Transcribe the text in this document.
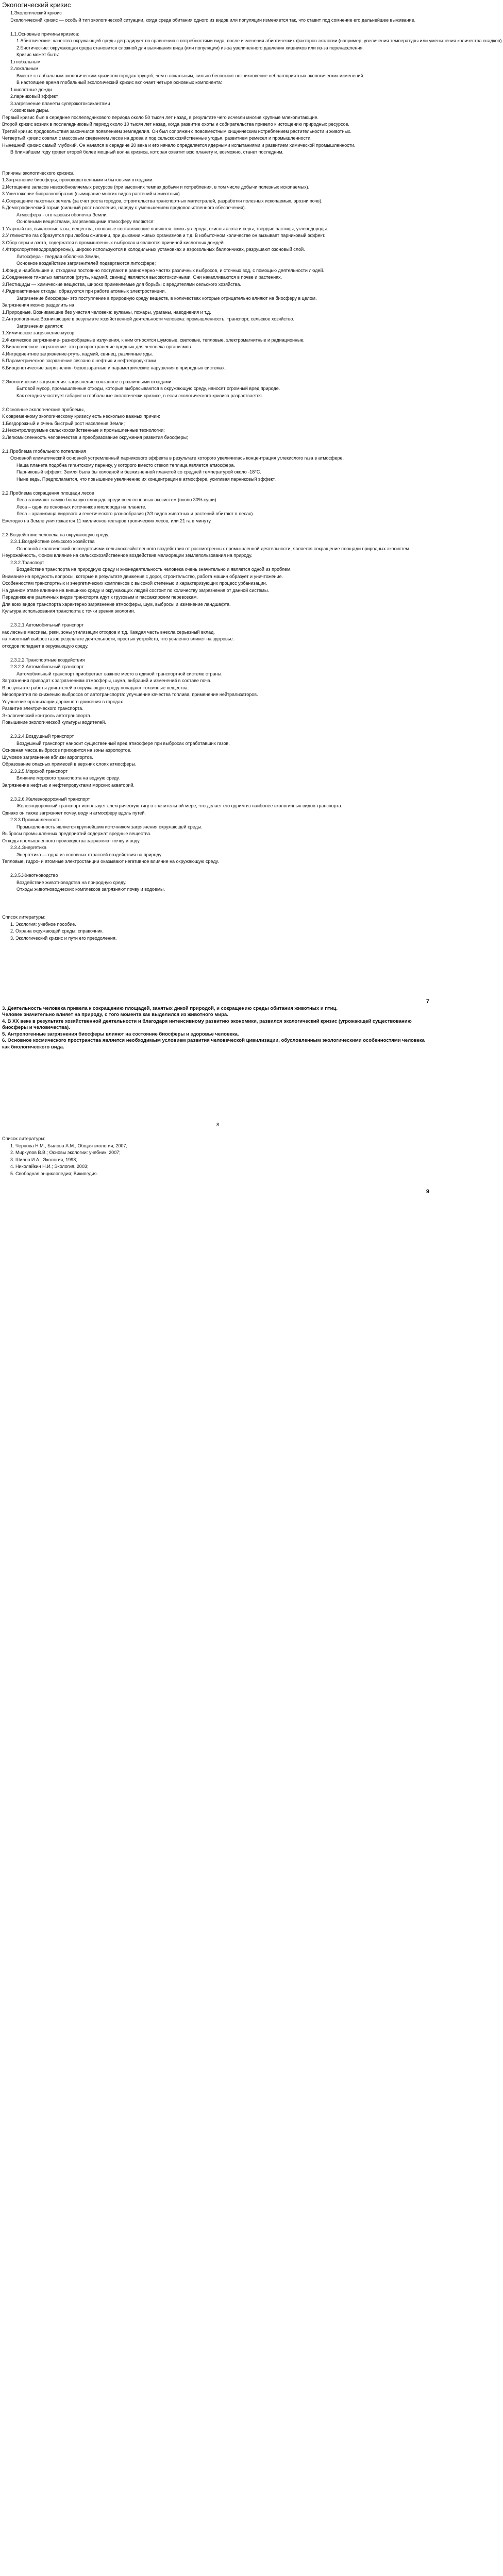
Экологический кризис

1.Экологический кризис

Экологический кризис — особый тип экологической ситуации, когда среда обитания одного из видов или популяции изменяется так, что ставит под сомнение его дальнейшее выживание.

1.1.Основные причины кризиса:

1.Абиотические: качество окружающей среды деградирует по сравнению с потребностями вида, после изменения абиотических факторов экологии (например, увеличения температуры или уменьшения количества осадков).

2.Биотические: окружающая среда становится сложной для выживания вида (или популяции) из-за увеличенного давления хищников или из-за перенаселения.

Кризис может быть:

1.глобальным

2.локальным

Вместе с глобальным экологическим кризисом городах трущоб, чем с локальным, сильно беспокоит возникновение неблагоприятных экологических изменений.

В настоящее время глобальный экологический кризис включает четыре основных компонента:

1.кислотные дожди

2.парниковый эффект

3.загрязнение планеты суперэкотоксикантами

4.озоновые дыры.

Первый кризис был в середине послеледникового периода около 50 тысяч лет назад, в результате чего исчезли многие крупные млекопитающие.

Второй кризис возник в послеледниковый период около 10 тысяч лет назад, когда развитие охоты и собирательства привело к истощению природных ресурсов.

Третий кризис продовольствия закончился появлением земледелия. Он был сопряжен с повсеместным хищническим истреблением растительности и животных.

Четвертый кризис совпал с массовым сведением лесов на дрова и под сельскохозяйственные угодья, развитием ремесел и промышленности.

Нынешний кризис самый глубокий. Он начался в середине 20 века и его начало определяется ядерными испытаниями и развитием химической промышленности.

В ближайшем году грядет второй более мощный волна кризиса, которая охватит всю планету и, возможно, станет последним.

Причины экологического кризиса

1.Загрязнение биосферы, производственными и бытовыми отходами.

2.Истощение запасов невозобновляемых ресурсов (при высокиих темпах добычи и потребления, в том числе добычи полезных ископаемых).

3.Уничтожение биоразнообразия (вымирание многих видов растений и животных).

4.Сокращение пахотных земель (за счет роста городов, строительства транспортных магистралей, разработки полезных ископаемых, эрозии почв).

5.Демографический взрыв (сильный рост населения, наряду с уменьшением продовольственного обеспечения).

Атмосфера - это газовая оболочка Земли,

Основными веществами, загрязняющими атмосферу являются:

1.Угарный газ, выхлопные газы, вещества, основные составляющие являются: окись углерода, окислы азота и серы, твердые частицы, углеводороды.

2.У гликиство газ образуется при любом сжигании, при дыхании живых организмов и т.д. В избыточном количестве он вызывает парниковый эффект.

3.Сбор серы и азота, содержатся в промышленных выбросах и являются причиной кислотных дождей.

4.Фторхлоруглеводородфреоны), широко используются в холодильных установках и аэрозольных баллончиках, разрушают озоновый слой.

Литосфера - твердая оболочка Земли,

Основное воздействие загрязнителей подвергаются литосфере;

1.Фонд и наибольшие и, отходами постоянно поступают в равномерно частях различных выбросов, и сточных вод, с помощью деятельности людей.

2.Соединение тяжелых металлов (ртуть, кадмий, свинец) являются высокотоксичными. Они накапливаются в почве и растениях.

3.Пестициды — химические вещества, широко применяемые для борьбы с вредителями сельского хозяйства.

4.Радиоактивные отходы, образуются при работе атомных электростанции.

Загрязнение биосферы- это поступление в природную среду веществ, в количествах которые отрицательно влияют на биосферу в целом.

Загрязнения можно разделить на

1.Природные. Возникающие без участия человека: вулканы, пожары, ураганы, наводнения и т.д.

2.Антропогенные.Возникающие в результате хозяйственной деятельности человека: промышленность, транспорт, сельское хозяйство.

Загрязнения делятся:

1.Химическое загрязнение-мусор

2.Физическое загрязнение- разнообразные излучения, к ним относятся шумовые, световые, тепловые, электромагнитные и радиационные.

3.Биологическое загрязнение- это распространение вредных для человека организмов.

4.Ингредиентное загрязнение-ртуть, кадмий, свинец, различные яды.

5.Параметрическое загрязнение связано с нефтью и нефтепродуктами.

6.Биоценотические загрязнения- безвозвратные и параметрические нарушения в природных системах.

2.Экологические загрязнения: загрязнение связанное с различными отходами.

Бытовой мусор, промышленные отходы, которые выбрасываются в окружающую среду, наносят огромный вред природе.

Как сегодня участвует габарит и глобальные экологически кризисе, в если экологического кризиса разраствается.

2.Основные экологические проблемы,

К современному экологическому кризису есть несколько важных причин:

1.Бездорожный и очень быстрый рост населения Земли;

2.Неконтролируемые сельскохозяйственные и промышленные технологии;

3.Легкомысленность человечества и преобразование окружения развития биосферы;

2.1.Проблема глобального потепления

Основной климатический основной устремленный парникового эффекта в результате которого увеличилась концентрация углекислого газа в атмосфере.

Наша планета подобна гигантскому парнику, у которого вместо стекол теплица является атмосфера.

Парниковый эффект: Земля была бы холодной и безжизненной планетой со средней температурой около -18°С.

Ныне ведь, Предполагается, что повышение увеличению их концентрации в атмосфере, усиливая парниковый эффект.

2.2.Проблема сокращения площади лесов

Леса занимают самую большую площадь среди всех основных экосистем (около 30% суши).

Леса – один из основных источников кислорода на планете.

Леса – хранилища видового и генетического разнообразия (2/3 видов животных и растений обитают в лесах).

Ежегодно на Земле уничтожается 11 миллионов гектаров тропических лесов, или 21 га в минуту.

2.3.Воздействие человека на окружающую среду.

2.3.1.Воздействие сельского хозяйства

Основной экологический последствиями сельскохозяйственного воздействия от рассмотренных промышленной деятельности, является сокращение площади природных экосистем.

Неурожайность, Фоном влияние на сельскохозяйственное воздействие мелиорации землепользования на природу.

2.3.2.Транспорт

Воздействие транспорта на природную среду и жизнедеятельность человека очень значительно и является одной из проблем.

Внимание на вредность вопросы, которые в результате движения с дорог, строительство, работа машин образует и уничтожение.

Особенностям транспортных и энергетических комплексов с высокой степенью и характеризующих процесс урбанизации.

На данном этапе влияние на внешнюю среду и окружающих людей состоит по количеству загрязнения от данной системы.

Передвижение различных видов транспорта идут к грузовым и пассажирским перевозкам.

Для всех видов транспорта характерно загрязнение атмосферы, шум, выбросы и изменение ландшафта.

Культура использования транспорта с точки зрения экологии.

2.3.2.1.Автомобильный транспорт

как лесные массивы, реки, зоны утилизации отходов и т.д. Каждая часть внесла серьезный вклад.

на животный выброс газов результате деятельности, простых устройств, что усиленно влияет на здоровье.

отходов попадает в окружающую среду.

2.3.2.2.Транспортные воздействия

2.3.2.3.Автомобильный транспорт

Автомобильный транспорт приобретает важное место в единой транспортной системе страны.

Загрязнения приводят к загрязнениям атмосферы, шума, вибраций и изменений в составе почв.

В результате работы двигателей в окружающую среду попадают токсичные вещества.

Мероприятия по снижению выбросов от автотранспорта: улучшение качества топлива, применение нейтрализаторов.

Улучшение организации дорожного движения в городах.

Развитие электрического транспорта.

Экологический контроль автотранспорта.

Повышение экологической культуры водителей.

2.3.2.4.Воздушный транспорт

Воздушный транспорт наносит существенный вред атмосфере при выбросах отработавших газов.

Основная масса выбросов приходится на зоны аэропортов.

Шумовое загрязнение вблизи аэропортов.

Образование опасных примесей в верхних слоях атмосферы.

2.3.2.5.Морской транспорт

Влияние морского транспорта на водную среду.

Загрязнение нефтью и нефтепродуктами морских акваторий.

2.3.2.6.Железнодорожный транспорт

Железнодорожный транспорт использует электрическую тягу в значительной мере, что делает его одним из наиболее экологичных видов транспорта.

Однако он также загрязняет почву, воду и атмосферу вдоль путей.

2.3.3.Промышленность

Промышленность является крупнейшим источником загрязнения окружающей среды.

Выбросы промышленных предприятий содержат вредные вещества.

Отходы промышленного производства загрязняют почву и воду.

2.3.4.Энергетика

Энергетика — одна из основных отраслей воздействия на природу.

Тепловые, гидро- и атомные электростанции оказывают негативное влияние на окружающую среду.

2.3.5.Животноводство

Воздействие животноводства на природную среду.

Отходы животноводческих комплексов загрязняют почву и водоемы.

Список литературы:

1. Экология: учебное пособие.

2. Охрана окружающей среды: справочник.

3. Экологический кризис и пути его преодоления.

7

3. Деятельность человека привела к сокращению площадей, занятых дикой природой, и сокращению среды обитания животных и птиц.

Человек значительно влияет на природу, с того момента как выделился из животного мира.

4. В ХХ веке в результате хозяйственной деятельности и благодаря интенсивному развитию экономики, развился экологический кризис (угрожающей существованию биосферы и человечества).

5. Антропогенные загрязнения биосферы влияют на состояние биосферы и здоровье человека.

6. Основное космического пространства является необходимым условием развития человеческой цивилизации, обусловленным экологическими особенностями человека как биологического вида.

8

Список литературы:

1. Чернова Н.М., Былова А.М., Общая экология, 2007;

2. Миркулов В.В.; Основы экологии: учебник, 2007;

3. Шилов И.А.; Экология, 1998;

4. Николайкин Н.И.; Экология, 2003;

5. Свободная энциклопедия; Википедия.

9
